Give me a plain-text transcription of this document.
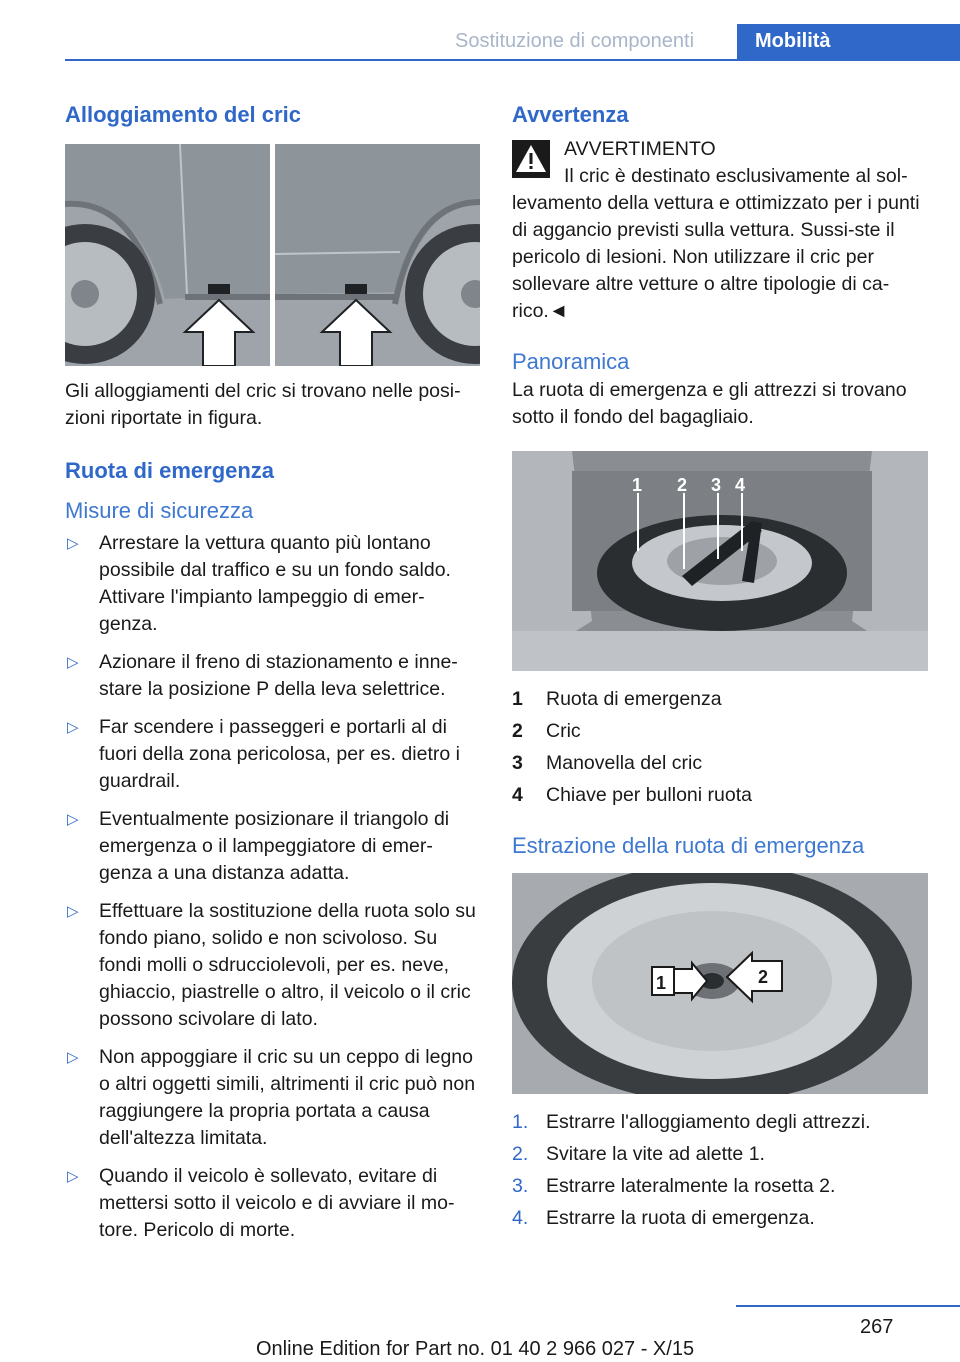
Sostituzione di componenti	Mobilità
Alloggiamento del cric

Gli alloggiamenti del cric si trovano nelle posi-zioni riportate in figura.

Ruota di emergenza
Misure di sicurezza
▷ Arrestare la vettura quanto più lontano possibile dal traffico e su un fondo saldo. Attivare l'impianto lampeggio di emer-genza.
▷ Azionare il freno di stazionamento e inne-stare la posizione P della leva selettrice.
▷ Far scendere i passeggeri e portarli al di fuori della zona pericolosa, per es. dietro i guardrail.
▷ Eventualmente posizionare il triangolo di emergenza o il lampeggiatore di emer-genza a una distanza adatta.
▷ Effettuare la sostituzione della ruota solo su fondo piano, solido e non scivoloso. Su fondi molli o sdrucciolevoli, per es. neve, ghiaccio, piastrelle o altro, il veicolo o il cric possono scivolare di lato.
▷ Non appoggiare il cric su un ceppo di legno o altri oggetti simili, altrimenti il cric può non raggiungere la propria portata a causa dell'altezza limitata.
▷ Quando il veicolo è sollevato, evitare di mettersi sotto il veicolo e di avviare il mo-tore. Pericolo di morte.
Avvertenza
AVVERTIMENTO
Il cric è destinato esclusivamente al sol-

levamento della vettura e ottimizzato per i punti di aggancio previsti sulla vettura. Sussi-ste il pericolo di lesioni. Non utilizzare il cric per sollevare altre vetture o altre tipologie di ca-rico.◄

Panoramica

La ruota di emergenza e gli attrezzi si trovano sotto il fondo del bagagliaio.

1 2 3 4
1	Ruota di emergenza
2	Cric
3	Manovella del cric
4	Chiave per bulloni ruota
Estrazione della ruota di emergenza
1	2
1. Estrarre l'alloggiamento degli attrezzi.
2. Svitare la vite ad alette 1.
3. Estrarre lateralmente la rosetta 2.
4. Estrarre la ruota di emergenza.
267
Online Edition for Part no. 01 40 2 966 027 - X/15
